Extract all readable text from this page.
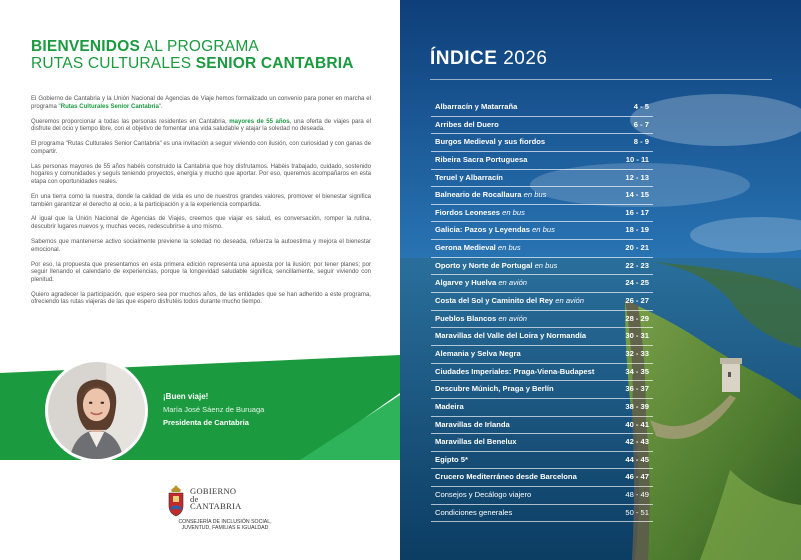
BIENVENIDOS AL PROGRAMA
RUTAS CULTURALES SENIOR CANTABRIA

El Gobierno de Cantabria y la Unión Nacional de Agencias de Viaje hemos formalizado un convenio para poner en marcha el programa "Rutas Culturales Senior Cantabria".

Queremos proporcionar a todas las personas residentes en Cantabria, mayores de 55 años, una oferta de viajes para el disfrute del ocio y tiempo libre, con el objetivo de fomentar una vida saludable y atajar la soledad no deseada.

El programa "Rutas Culturales Senior Cantabria" es una invitación a seguir viviendo con ilusión, con curiosidad y con ganas de compartir.

Las personas mayores de 55 años habéis construido la Cantabria que hoy disfrutamos. Habéis trabajado, cuidado, sostenido hogares y comunidades y seguís teniendo proyectos, energía y mucho que aportar. Por eso, queremos acompañaros en esta etapa con oportunidades reales.

En una tierra como la nuestra, donde la calidad de vida es uno de nuestros grandes valores, promover el bienestar significa también garantizar el derecho al ocio, a la participación y a la experiencia compartida.

Al igual que la Unión Nacional de Agencias de Viajes, creemos que viajar es salud, es conversación, romper la rutina, descubrir lugares nuevos y, muchas veces, redescubrirse a uno mismo.

Sabemos que mantenerse activo socialmente previene la soledad no deseada, refuerza la autoestima y mejora el bienestar emocional.

Por eso, la propuesta que presentamos en esta primera edición representa una apuesta por la ilusión; por tener planes; por seguir llenando el calendario de experiencias, porque la longevidad saludable significa, sencillamente, seguir viviendo con plenitud.

Quiero agradecer la participación, que espero sea por muchos años, de las entidades que se han adherido a este programa, ofreciendo las rutas viajeras de las que espero disfrutéis todos durante mucho tiempo.

¡Buen viaje!
María José Sáenz de Buruaga
Presidenta de Cantabria
GOBIERNO
de
CANTABRIA
CONSEJERÍA DE INCLUSIÓN SOCIAL,
JUVENTUD, FAMILIAS E IGUALDAD
ÍNDICE 2026
Albarracín y Matarraña	4 - 5
Arribes del Duero	6 - 7
Burgos Medieval y sus fiordos	8 - 9
Ribeira Sacra Portuguesa	10 - 11
Teruel y Albarracín	12 - 13
Balneario de Rocallaura en bus	14 - 15
Fiordos Leoneses en bus	16 - 17
Galicia: Pazos y Leyendas en bus	18 - 19
Gerona Medieval en bus	20 - 21
Oporto y Norte de Portugal en bus	22 - 23
Algarve y Huelva en avión	24 - 25
Costa del Sol y Caminito del Rey en avión	26 - 27
Pueblos Blancos en avión	28 - 29
Maravillas del Valle del Loira y Normandía	30 - 31
Alemania y Selva Negra	32 - 33
Ciudades Imperiales: Praga-Viena-Budapest	34 - 35
Descubre Múnich, Praga y Berlín	36 - 37
Madeira	38 - 39
Maravillas de Irlanda	40 - 41
Maravillas del Benelux	42 - 43
Egipto 5*	44 - 45
Crucero Mediterráneo desde Barcelona	46 - 47
Consejos y Decálogo viajero	48 - 49
Condiciones generales	50 - 51
